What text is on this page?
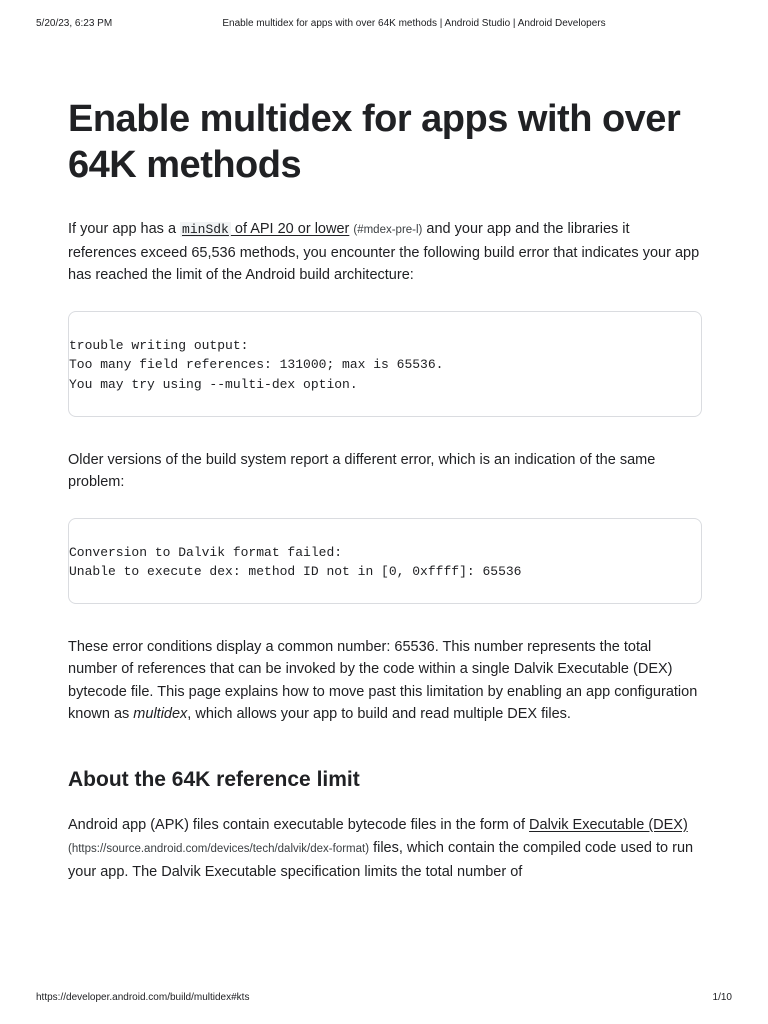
5/20/23, 6:23 PM	Enable multidex for apps with over 64K methods | Android Studio | Android Developers
Enable multidex for apps with over 64K methods

If your app has a minSdk of API 20 or lower (#mdex-pre-l) and your app and the libraries it references exceed 65,536 methods, you encounter the following build error that indicates your app has reached the limit of the Android build architecture:

trouble writing output:
Too many field references: 131000; max is 65536.
You may try using --multi-dex option.

Older versions of the build system report a different error, which is an indication of the same problem:

Conversion to Dalvik format failed:
Unable to execute dex: method ID not in [0, 0xffff]: 65536

These error conditions display a common number: 65536. This number represents the total number of references that can be invoked by the code within a single Dalvik Executable (DEX) bytecode file. This page explains how to move past this limitation by enabling an app configuration known as multidex, which allows your app to build and read multiple DEX files.

About the 64K reference limit

Android app (APK) files contain executable bytecode files in the form of Dalvik Executable (DEX) (https://source.android.com/devices/tech/dalvik/dex-format) files, which contain the compiled code used to run your app. The Dalvik Executable specification limits the total number of

https://developer.android.com/build/multidex#kts	1/10
